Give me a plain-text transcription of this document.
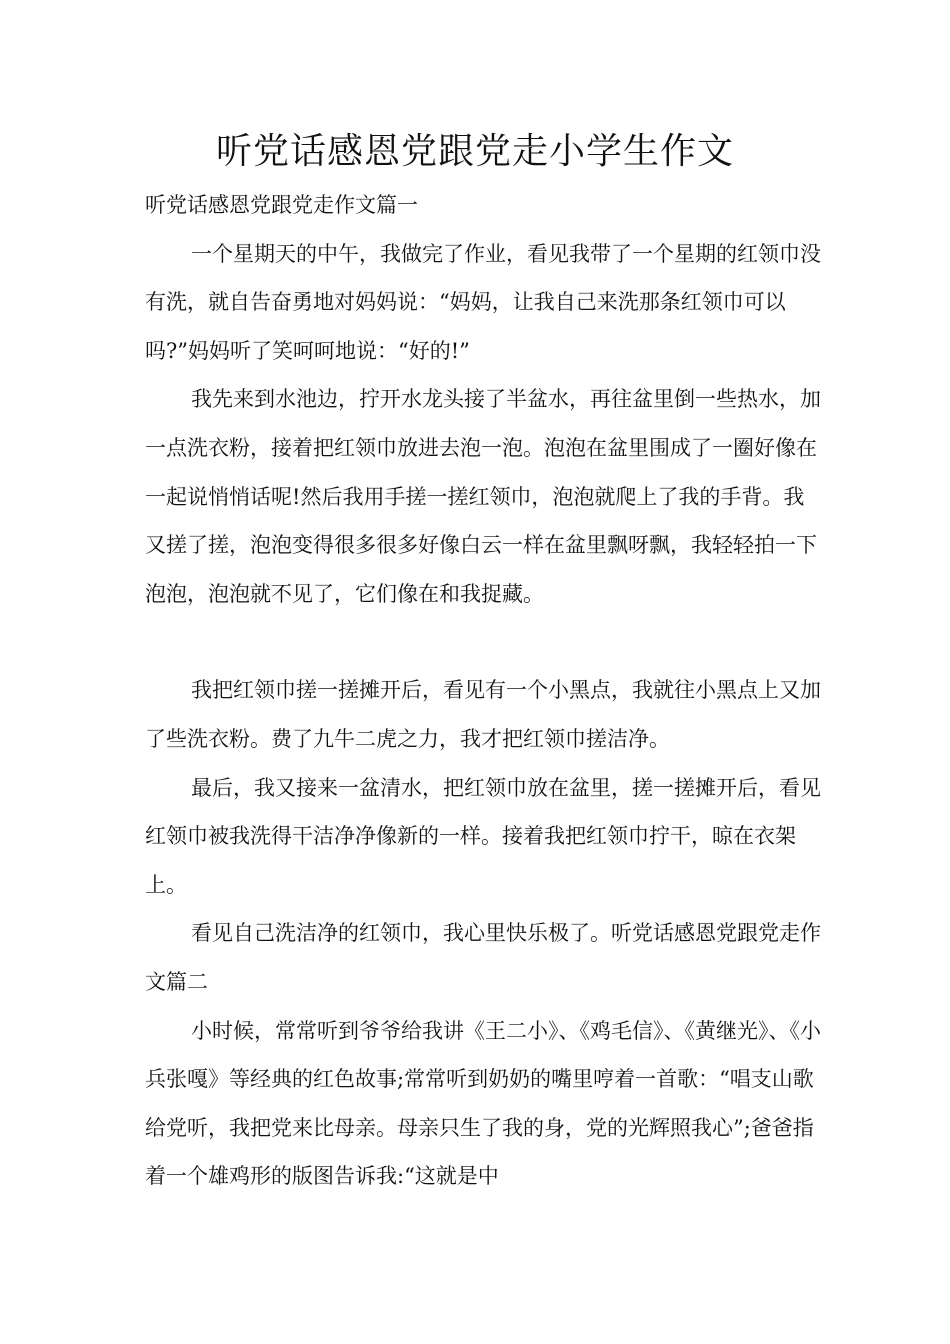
听党话感恩党跟党走小学生作文

听党话感恩党跟党走作文篇一

一个星期天的中午，我做完了作业，看见我带了一个星期的红领巾没有洗，就自告奋勇地对妈妈说：“妈妈，让我自己来洗那条红领巾可以吗?”妈妈听了笑呵呵地说：“好的!”

我先来到水池边，拧开水龙头接了半盆水，再往盆里倒一些热水，加一点洗衣粉，接着把红领巾放进去泡一泡。泡泡在盆里围成了一圈好像在一起说悄悄话呢!然后我用手搓一搓红领巾，泡泡就爬上了我的手背。我又搓了搓，泡泡变得很多很多好像白云一样在盆里飘呀飘，我轻轻拍一下泡泡，泡泡就不见了，它们像在和我捉藏。

我把红领巾搓一搓摊开后，看见有一个小黑点，我就往小黑点上又加了些洗衣粉。费了九牛二虎之力，我才把红领巾搓洁净。

最后，我又接来一盆清水，把红领巾放在盆里，搓一搓摊开后，看见红领巾被我洗得干洁净净像新的一样。接着我把红领巾拧干，晾在衣架上。

看见自己洗洁净的红领巾，我心里快乐极了。听党话感恩党跟党走作文篇二

小时候，常常听到爷爷给我讲《王二小》、《鸡毛信》、《黄继光》、《小兵张嘎》等经典的红色故事;常常听到奶奶的嘴里哼着一首歌：“唱支山歌给党听，我把党来比母亲。母亲只生了我的身，党的光辉照我心”;爸爸指着一个雄鸡形的版图告诉我:“这就是中
